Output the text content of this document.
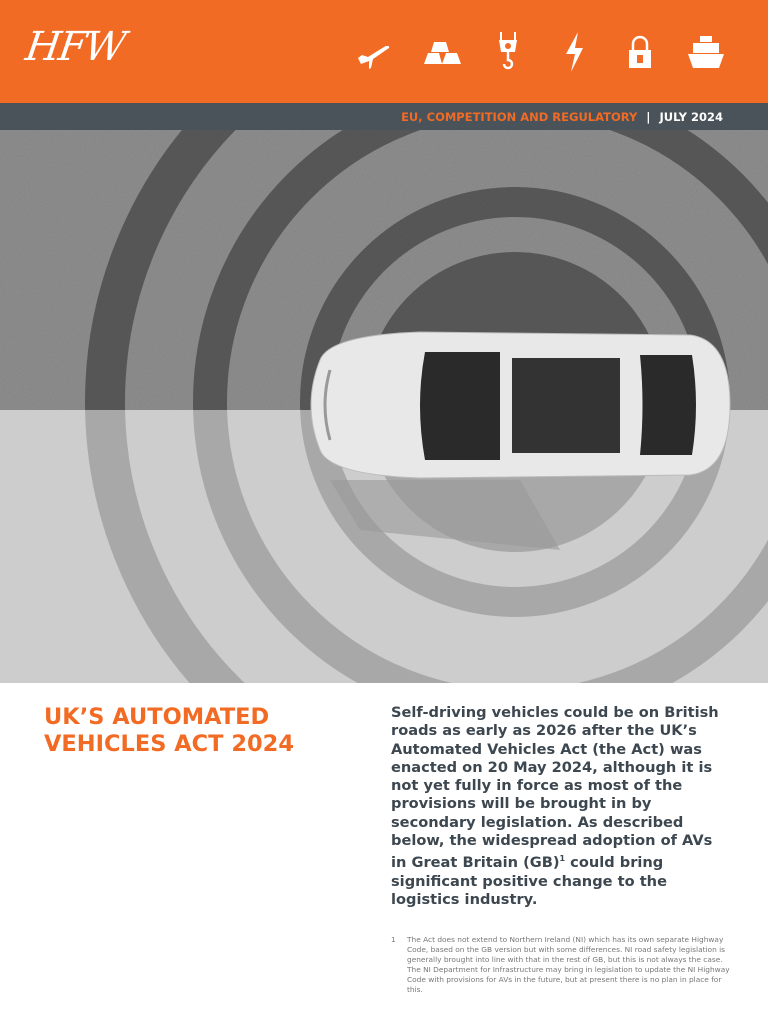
HFW
EU, COMPETITION AND REGULATORY | JULY 2024
UK’S AUTOMATED VEHICLES ACT 2024
Self-driving vehicles could be on British roads as early as 2026 after the UK’s Automated Vehicles Act (the Act) was enacted on 20 May 2024, although it is not yet fully in force as most of the provisions will be brought in by secondary legislation. As described below, the widespread adoption of AVs in Great Britain (GB)$^1$ could bring significant positive change to the logistics industry.
1	The Act does not extend to Northern Ireland (NI) which has its own separate Highway Code, based on the GB version but with some differences. NI road safety legislation is generally brought into line with that in the rest of GB, but this is not always the case. The NI Department for Infrastructure may bring in legislation to update the NI Highway Code with provisions for AVs in the future, but at present there is no plan in place for this.
